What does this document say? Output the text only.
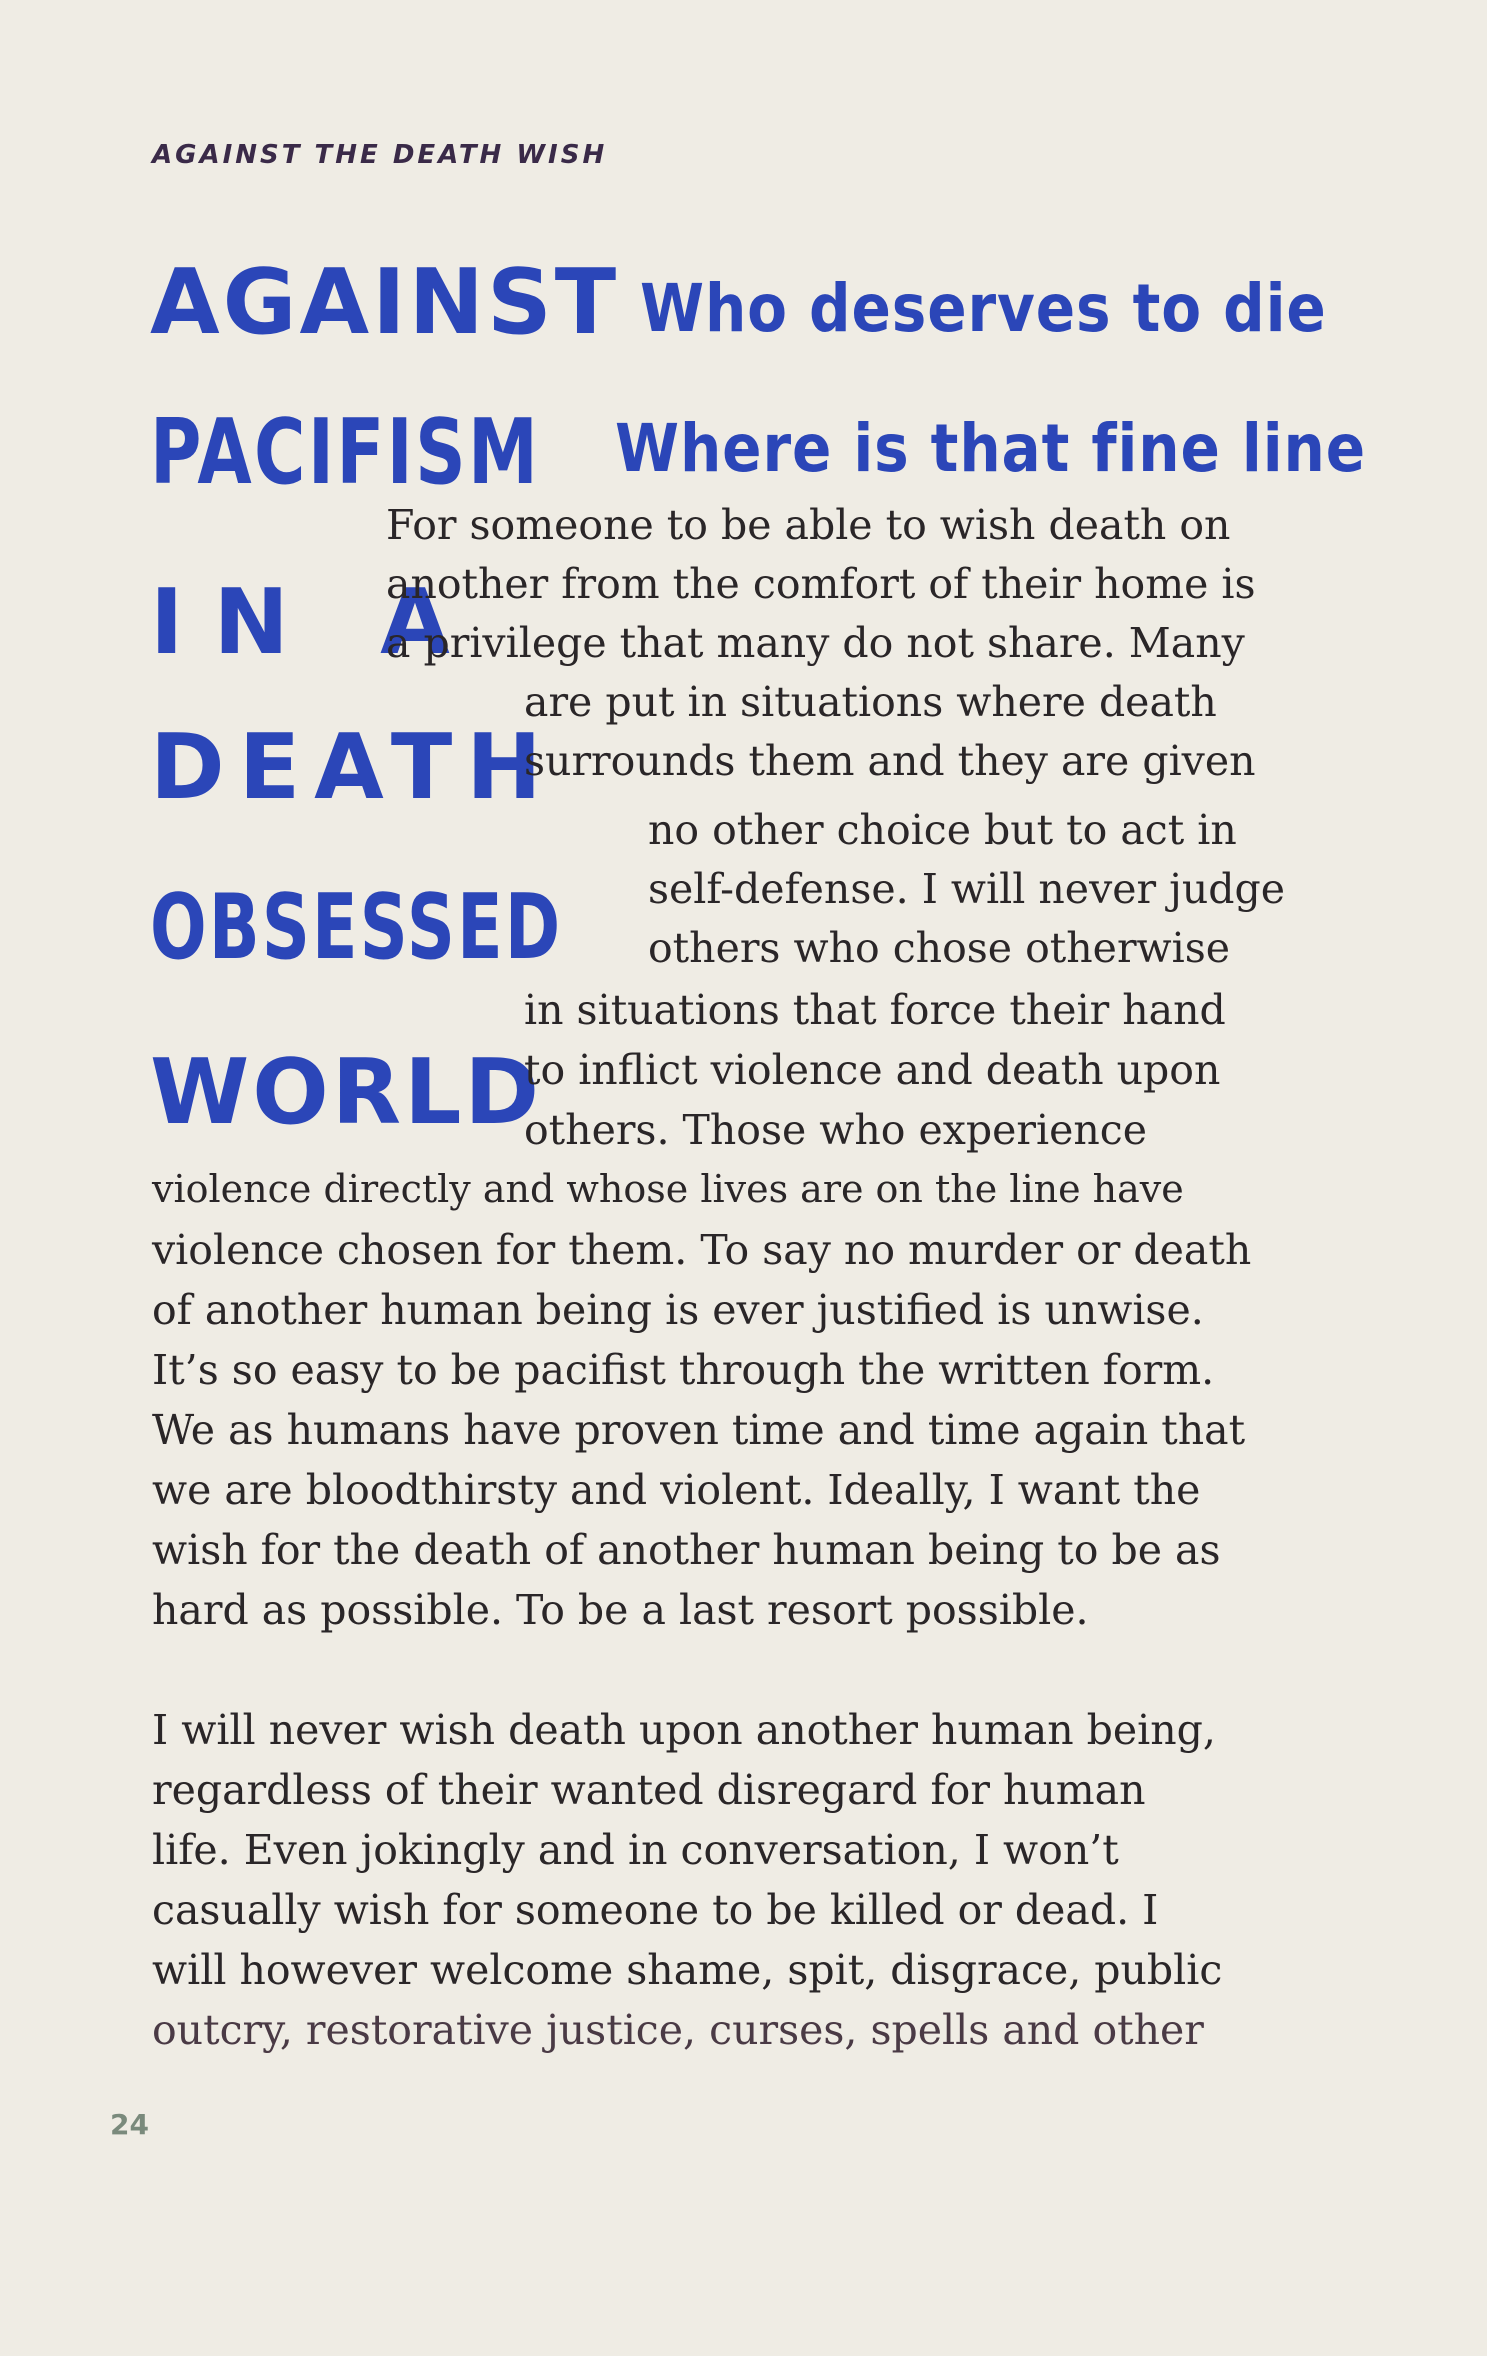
AGAINST THE DEATH WISH
AGAINST
PACIFISM
IN A
DEATH
OBSESSED
WORLD
Who deserves to die
Where is that fine line
For someone to be able to wish death on
another from the comfort of their home is
a privilege that many do not share. Many
are put in situations where death
surrounds them and they are given
no other choice but to act in
self-defense. I will never judge
others who chose otherwise
in situations that force their hand
to inflict violence and death upon
others. Those who experience
violence directly and whose lives are on the line have
violence chosen for them. To say no murder or death
of another human being is ever justified is unwise.
It’s so easy to be pacifist through the written form.
We as humans have proven time and time again that
we are bloodthirsty and violent. Ideally, I want the
wish for the death of another human being to be as
hard as possible. To be a last resort possible.
I will never wish death upon another human being,
regardless of their wanted disregard for human
life. Even jokingly and in conversation, I won’t
casually wish for someone to be killed or dead. I
will however welcome shame, spit, disgrace, public
outcry, restorative justice, curses, spells and other
24
